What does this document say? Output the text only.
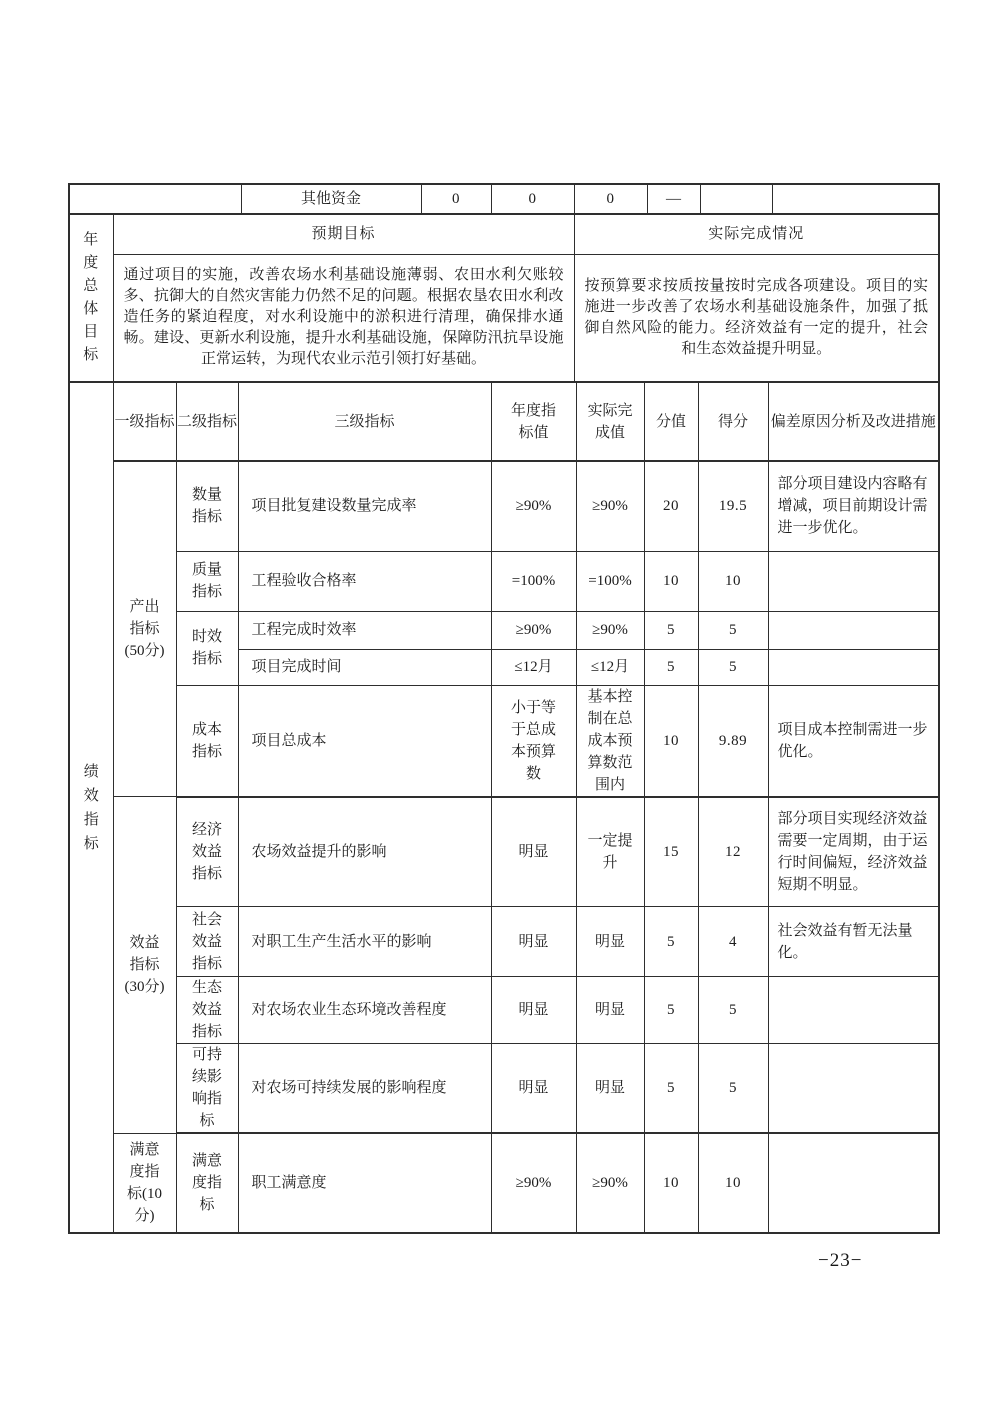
	其他资金	0	0	0	—		
年度总体目标	预期目标	实际完成情况
	通过项目的实施，改善农场水利基础设施薄弱、农田水利欠账较多、抗御大的自然灾害能力仍然不足的问题。根据农垦农田水利改造任务的紧迫程度，对水利设施中的淤积进行清理，确保排水通畅。建设、更新水利设施，提升水利基础设施，保障防汛抗旱设施正常运转，为现代农业示范引领打好基础。	按预算要求按质按量按时完成各项建设。项目的实施进一步改善了农场水利基础设施条件，加强了抵御自然风险的能力。经济效益有一定的提升，社会和生态效益提升明显。
绩效指标	一级指标	二级指标	三级指标	年度指标值	实际完成值	分值	得分	偏差原因分析及改进措施
	产出指标(50分)	数量指标	项目批复建设数量完成率	≥90%	≥90%	20	19.5	部分项目建设内容略有增减，项目前期设计需进一步优化。
		质量指标	工程验收合格率	=100%	=100%	10	10	
		时效指标	工程完成时效率	≥90%	≥90%	5	5	
			项目完成时间	≤12月	≤12月	5	5	
		成本指标	项目总成本	小于等于总成本预算数	基本控制在总成本预算数范围内	10	9.89	项目成本控制需进一步优化。
	效益指标(30分)	经济效益指标	农场效益提升的影响	明显	一定提升	15	12	部分项目实现经济效益需要一定周期，由于运行时间偏短，经济效益短期不明显。
		社会效益指标	对职工生产生活水平的影响	明显	明显	5	4	社会效益有暂无法量化。
		生态效益指标	对农场农业生态环境改善程度	明显	明显	5	5	
		可持续影响指标	对农场可持续发展的影响程度	明显	明显	5	5	
	满意度指标(10分)	满意度指标	职工满意度	≥90%	≥90%	10	10	
−23−
